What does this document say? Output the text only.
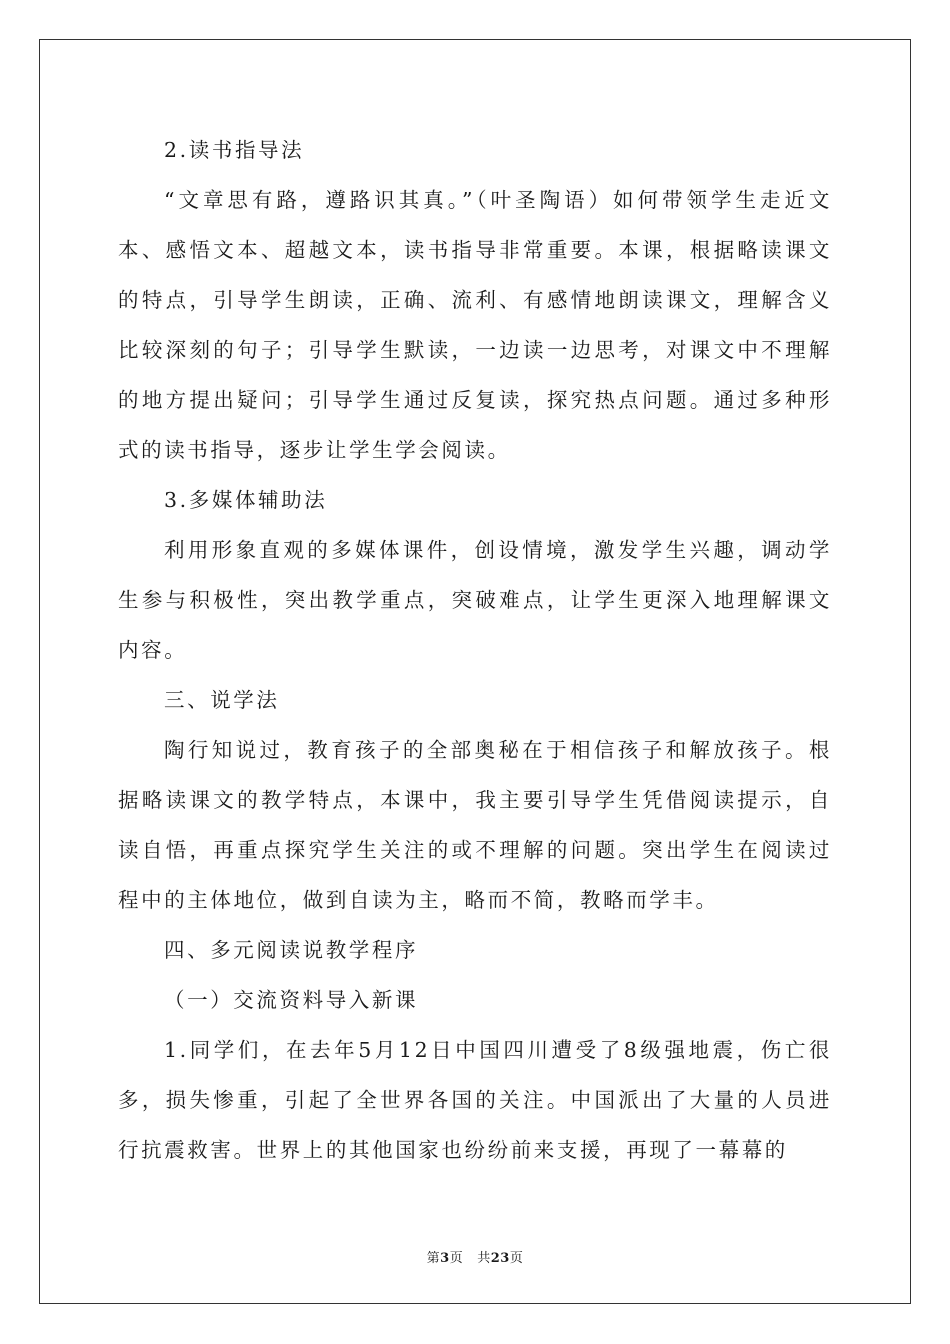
2.读书指导法

“文章思有路，遵路识其真。”（叶圣陶语）如何带领学生走近文本、感悟文本、超越文本，读书指导非常重要。本课，根据略读课文的特点，引导学生朗读，正确、流利、有感情地朗读课文，理解含义比较深刻的句子；引导学生默读，一边读一边思考，对课文中不理解的地方提出疑问；引导学生通过反复读，探究热点问题。通过多种形式的读书指导，逐步让学生学会阅读。

3.多媒体辅助法

利用形象直观的多媒体课件，创设情境，激发学生兴趣，调动学生参与积极性，突出教学重点，突破难点，让学生更深入地理解课文内容。

三、说学法

陶行知说过，教育孩子的全部奥秘在于相信孩子和解放孩子。根据略读课文的教学特点，本课中，我主要引导学生凭借阅读提示，自读自悟，再重点探究学生关注的或不理解的问题。突出学生在阅读过程中的主体地位，做到自读为主，略而不简，教略而学丰。

四、多元阅读说教学程序

（一）交流资料导入新课

1.同学们，在去年5月12日中国四川遭受了8级强地震，伤亡很多，损失惨重，引起了全世界各国的关注。中国派出了大量的人员进行抗震救害。世界上的其他国家也纷纷前来支援，再现了一幕幕的

第3页 共23页
